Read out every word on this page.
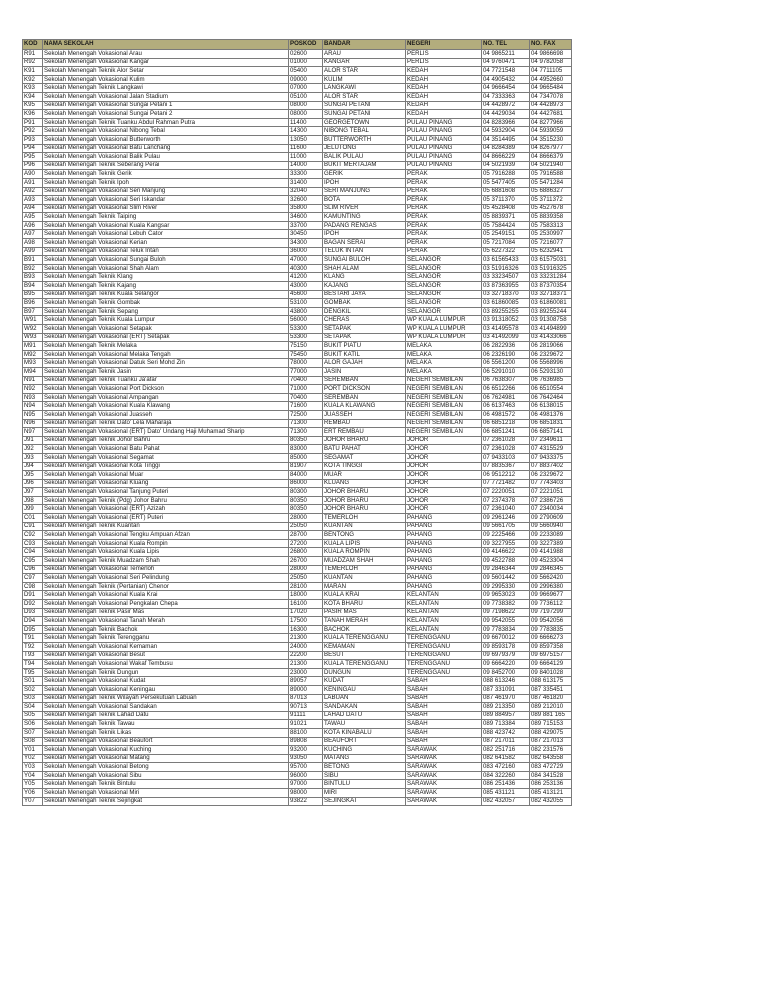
KOD	NAMA SEKOLAH	POSKOD	BANDAR	NEGERI	NO. TEL	NO. FAX
R91	Sekolah Menengah Vokasional Arau	02600	ARAU	PERLIS	04 9865211	04 9866698
R92	Sekolah Menengah Vokasional Kangar	01000	KANGAR	PERLIS	04 9760471	04 9782058
K91	Sekolah Menengah Teknik Alor Setar	05400	ALOR STAR	KEDAH	04 7721548	04 7711105
K92	Sekolah Menengah Vokasional Kulim	09000	KULIM	KEDAH	04 4905432	04 4952660
K93	Sekolah Menengah Teknik Langkawi	07000	LANGKAWI	KEDAH	04 9666454	04 9665484
K94	Sekolah Menengah Vokasional Jalan Stadium	05100	ALOR STAR	KEDAH	04 7333363	04 7347078
K95	Sekolah Menengah Vokasional Sungai Petani 1	08000	SUNGAI PETANI	KEDAH	04 4428972	04 4428973
K96	Sekolah Menengah Vokasional Sungai Petani 2	08000	SUNGAI PETANI	KEDAH	04 4429034	04 4427681
P91	Sekolah Menengah Teknik Tuanku Abdul Rahman Putra	11400	GEORGETOWN	PULAU PINANG	04 8283966	04 8277966
P92	Sekolah Menengah Vokasional Nibong Tebal	14300	NIBONG TEBAL	PULAU PINANG	04 5932904	04 5939059
P93	Sekolah Menengah Vokasional Butterworth	13050	BUTTERWORTH	PULAU PINANG	04 3514495	04 3515230
P94	Sekolah Menengah Vokasional Batu Lanchang	11600	JELUTONG	PULAU PINANG	04 8284389	04 8267977
P95	Sekolah Menengah Vokasional Balik Pulau	11000	BALIK PULAU	PULAU PINANG	04 8666229	04 8666379
P96	Sekolah Menengah Teknik Seberang Perai	14000	BUKIT MERTAJAM	PULAU PINANG	04 5021939	04 5021940
A90	Sekolah Menengah Teknik Gerik	33300	GERIK	PERAK	05 7916288	05 7916588
A91	Sekolah Menengah Teknik Ipoh	31400	IPOH	PERAK	05 5477405	05 5471284
A92	Sekolah Menengah Vokasional Seri Manjung	32040	SERI MANJUNG	PERAK	05 6881608	05 6886327
A93	Sekolah Menengah Vokasional Seri Iskandar	32600	BOTA	PERAK	05 3711370	05 3711372
A94	Sekolah Menengah Vokasional Slim River	35800	SLIM RIVER	PERAK	05 4528408	05 4527678
A95	Sekolah Menengah Teknik Taiping	34600	KAMUNTING	PERAK	05 8839371	05 8839358
A96	Sekolah Menengah Vokasional Kuala Kangsar	33700	PADANG RENGAS	PERAK	05 7584424	05 7583313
A97	Sekolah Menengah Vokasional Lebuh Cator	30450	IPOH	PERAK	05 2549151	05 2530997
A98	Sekolah Menengah Vokasional Kerian	34300	BAGAN SERAI	PERAK	05 7217084	05 7216077
A99	Sekolah Menengah Vokasional Teluk Intan	36000	TELUK INTAN	PERAK	05 6227322	05 6232941
B91	Sekolah Menengah Vokasional Sungai Buloh	47000	SUNGAI BULOH	SELANGOR	03 61565433	03 61575031
B92	Sekolah Menengah Vokasional Shah Alam	40300	SHAH ALAM	SELANGOR	03 51916326	03 51916325
B93	Sekolah Menengah Teknik Klang	41200	KLANG	SELANGOR	03 33234507	03 33231284
B94	Sekolah Menengah Teknik Kajang	43000	KAJANG	SELANGOR	03 87363955	03 87370354
B95	Sekolah Menengah Teknik Kuala Selangor	45600	BESTARI JAYA	SELANGOR	03 32718370	03 32718371
B96	Sekolah Menengah Teknik Gombak	53100	GOMBAK	SELANGOR	03 61860085	03 61860081
B97	Sekolah Menengah Teknik Sepang	43800	DENGKIL	SELANGOR	03 89255255	03 89255244
W91	Sekolah Menengah Teknik Kuala Lumpur	56000	CHERAS	WP KUALA LUMPUR	03 91318052	03 91308758
W92	Sekolah Menengah Vokasional Setapak	53300	SETAPAK	WP KUALA LUMPUR	03 41495578	03 41494899
W93	Sekolah Menengah Vokasional (ERT) Setapak	53300	SETAPAK	WP KUALA LUMPUR	03 41492099	03 41433066
M91	Sekolah Menengah Teknik Melaka	75150	BUKIT PIATU	MELAKA	06 2822936	06 2819066
M92	Sekolah Menengah Vokasional Melaka Tengah	75450	BUKIT KATIL	MELAKA	06 2326190	06 2329672
M93	Sekolah Menengah Vokasional Datuk Seri Mohd Zin	78000	ALOR GAJAH	MELAKA	06 5561200	06 5568996
M94	Sekolah Menengah Teknik Jasin	77000	JASIN	MELAKA	06 5291010	06 5293130
N91	Sekolah Menengah Teknik Tuanku Ja'afar	70400	SEREMBAN	NEGERI SEMBILAN	06 7638307	06 7636985
N92	Sekolah Menengah Vokasional Port Dickson	71000	PORT DICKSON	NEGERI SEMBILAN	06 6512266	06 6510554
N93	Sekolah Menengah Vokasional Ampangan	70400	SEREMBAN	NEGERI SEMBILAN	06 7624981	06 7642464
N94	Sekolah Menengah Vokasional Kuala Klawang	71600	KUALA KLAWANG	NEGERI SEMBILAN	06 6137463	06 6138015
N95	Sekolah Menengah Vokasional Juasseh	72500	JUASSEH	NEGERI SEMBILAN	06 4981572	06 4981376
N96	Sekolah Menengah Teknik Dato' Lela Maharaja	71300	REMBAU	NEGERI SEMBILAN	06 6851218	06 6851831
N97	Sekolah Menengah Vokasional (ERT) Dato' Undang Haji Muhamad Sharip	71300	ERT REMBAU	NEGERI SEMBILAN	06 6851241	06 6857141
J91	Sekolah Menengah Teknik Johor Bahru	80350	JOHOR BHARU	JOHOR	07 2361028	07 2349611
J92	Sekolah Menengah Vokasional Batu Pahat	83000	BATU PAHAT	JOHOR	07 2361028	07 4315529
J93	Sekolah Menengah Vokasional Segamat	85000	SEGAMAT	JOHOR	07 9433103	07 9433375
J94	Sekolah Menengah Vokasional Kota Tinggi	81907	KOTA TINGGI	JOHOR	07 8835367	07 8837402
J95	Sekolah Menengah Vokasional Muar	84000	MUAR	JOHOR	06 9512212	06 2329672
J96	Sekolah Menengah Vokasional Kluang	86000	KLUANG	JOHOR	07 7721482	07 7743403
J97	Sekolah Menengah Vokasional Tanjung Puteri	80300	JOHOR BHARU	JOHOR	07 2220051	07 2221051
J98	Sekolah Menengah Teknik (Pdg) Johor Bahru	80350	JOHOR BHARU	JOHOR	07 2374378	07 2386726
J99	Sekolah Menengah Vokasional (ERT) Azizah	80350	JOHOR BHARU	JOHOR	07 2361040	07 2340034
C01	Sekolah Menengah Vokasional (ERT) Puteri	28000	TEMERLOH	PAHANG	09 2961246	09 2790609
C91	Sekolah Menengah Teknik Kuantan	25050	KUANTAN	PAHANG	09 5661705	09 5660940
C92	Sekolah Menengah Vokasional Tengku Ampuan Afzan	28700	BENTONG	PAHANG	09 2225466	09 2233089
C93	Sekolah Menengah Vokasional Kuala Rompin	27200	KUALA LIPIS	PAHANG	09 3227955	09 3227389
C94	Sekolah Menengah Vokasional Kuala Lipis	26800	KUALA ROMPIN	PAHANG	09 4146622	09 4141988
C95	Sekolah Menengah Teknik Muadzam Shah	26700	MUADZAM SHAH	PAHANG	09 4522788	09 4523304
C96	Sekolah Menengah Vokasional Temerloh	28000	TEMERLOH	PAHANG	09 2846344	09 2846345
C97	Sekolah Menengah Vokasional Seri Pelindung	25050	KUANTAN	PAHANG	09 5601442	09 5662420
C98	Sekolah Menengah Teknik (Pertanian) Chenor	28100	MARAN	PAHANG	09 2995330	09 2996380
D91	Sekolah Menengah Vokasional Kuala Krai	18000	KUALA KRAI	KELANTAN	09 9653023	09 9669677
D92	Sekolah Menengah Vokasional Pengkalan Chepa	16100	KOTA BHARU	KELANTAN	09 7738382	09 7736112
D93	Sekolah Menengah Teknik Pasir Mas	17020	PASIR MAS	KELANTAN	09 7198622	09 7197299
D94	Sekolah Menengah Vokasional Tanah Merah	17500	TANAH MERAH	KELANTAN	09 9542055	09 9542056
D95	Sekolah Menengah Teknik Bachok	16300	BACHOK	KELANTAN	09 7783834	09 7783835
T91	Sekolah Menengah Teknik Terengganu	21300	KUALA TERENGGANU	TERENGGANU	09 6670012	09 6666273
T92	Sekolah Menengah Vokasional Kemaman	24000	KEMAMAN	TERENGGANU	09 8593178	09 8597358
T93	Sekolah Menengah Vokasional Besut	22200	BESUT	TERENGGANU	09 6979379	09 6975157
T94	Sekolah Menengah Vokasional Wakaf Tembusu	21300	KUALA TERENGGANU	TERENGGANU	09 6664220	09 6664129
T95	Sekolah Menengah Teknik Dungun	23000	DUNGUN	TERENGGANU	09 8452700	09 8401028
S01	Sekolah Menengah Vokasional Kudat	89057	KUDAT	SABAH	088 613246	088 613175
S02	Sekolah Menengah Vokasional Keningau	89000	KENINGAU	SABAH	087 331091	087 335451
S03	Sekolah Menengah Teknik Wilayah Persekutuan Labuan	87013	LABUAN	SABAH	087 461970	087 461820
S04	Sekolah Menengah Vokasional Sandakan	90713	SANDAKAN	SABAH	089 213350	089 212010
S05	Sekolah Menengah Teknik Lahad Datu	91111	LAHAD DATU	SABAH	089 884957	089 881 165
S06	Sekolah Menengah Teknik Tawau	91021	TAWAU	SABAH	089 713384	089 715153
S07	Sekolah Menengah Teknik Likas	88100	KOTA KINABALU	SABAH	088 423742	088 429075
S08	Sekolah Menengah Vokasional Beaufort	89808	BEAUFORT	SABAH	087 217011	087 217013
Y01	Sekolah Menengah Vokasional Kuching	93200	KUCHING	SARAWAK	082 251716	082 231576
Y02	Sekolah Menengah Vokasional Matang	93050	MATANG	SARAWAK	082 641582	082 643558
Y03	Sekolah Menengah Vokasional Betong	95700	BETONG	SARAWAK	083 472160	083 472729
Y04	Sekolah Menengah Vokasional Sibu	96000	SIBU	SARAWAK	084 322260	084 341528
Y05	Sekolah Menengah Teknik Bintulu	97000	BINTULU	SARAWAK	086 251436	086 253136
Y06	Sekolah Menengah Vokasional Miri	98000	MIRI	SARAWAK	085 431121	085 413121
Y07	Sekolah Menengah Teknik Sejingkat	93822	SEJINGKAT	SARAWAK	082 432057	082 432055
